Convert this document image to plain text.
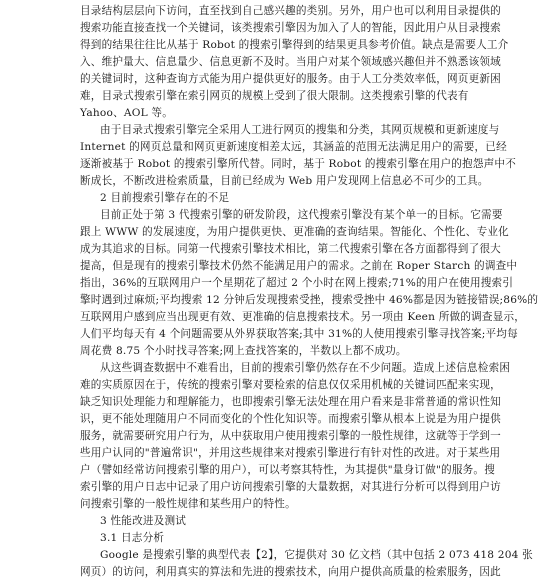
目录结构层层向下访问，直至找到自己感兴趣的类别。另外，用户也可以利用目录提供的
搜索功能直接查找一个关键词，该类搜索引擎因为加入了人的智能，因此用户从目录搜索
得到的结果往往比从基于 Robot 的搜索引擎得到的结果更具参考价值。缺点是需要人工介
入、维护量大、信息量少、信息更新不及时。当用户对某个领域感兴趣但并不熟悉该领域
的关键词时，这种查询方式能为用户提供更好的服务。由于人工分类效率低，网页更新困
难，目录式搜索引擎在索引网页的规模上受到了很大限制。这类搜索引擎的代表有
Yahoo、AOL 等。
由于目录式搜索引擎完全采用人工进行网页的搜集和分类，其网页规模和更新速度与
Internet 的网页总量和网页更新速度相差太远，其涵盖的范围无法满足用户的需要，已经
逐渐被基于 Robot 的搜索引擎所代替。同时，基于 Robot 的搜索引擎在用户的抱怨声中不
断成长，不断改进检索质量，目前已经成为 Web 用户发现网上信息必不可少的工具。
2 目前搜索引擎存在的不足
目前正处于第 3 代搜索引擎的研发阶段，这代搜索引擎没有某个单一的目标。它需要
跟上 WWW 的发展速度，为用户提供更快、更准确的查询结果。智能化、个性化、专业化
成为其追求的目标。同第一代搜索引擎技术相比，第二代搜索引擎在各方面都得到了很大
提高，但是现有的搜索引擎技术仍然不能满足用户的需求。之前在 Roper Starch 的调查中
指出，36%的互联网用户一个星期花了超过 2 个小时在网上搜索;71%的用户在使用搜索引
擎时遇到过麻烦;平均搜索 12 分钟后发现搜索受挫，搜索受挫中 46%都是因为链接错误;86%的
互联网用户感到应当出现更有效、更准确的信息搜索技术。另一项由 Keen 所做的调查显示，
人们平均每天有 4 个问题需要从外界获取答案;其中 31%的人使用搜索引擎寻找答案;平均每
周花费 8.75 个小时找寻答案;网上查找答案的，半数以上都不成功。
从这些调查数据中不难看出，目前的搜索引擎仍然存在不少问题。造成上述信息检索困
难的实质原因在于，传统的搜索引擎对要检索的信息仅仅采用机械的关键词匹配来实现，
缺乏知识处理能力和理解能力，也即搜索引擎无法处理在用户看来是非常普通的常识性知
识，更不能处理随用户不同而变化的个性化知识等。而搜索引擎从根本上说是为用户提供
服务，就需要研究用户行为，从中获取用户使用搜索引擎的一般性规律，这就等于学到一
些用户认同的"普遍常识"，并用这些规律来对搜索引擎进行有针对性的改进。对于某些用
户（譬如经常访问搜索引擎的用户），可以考察其特性，为其提供"量身订做"的服务。搜
索引擎的用户日志中记录了用户访问搜索引擎的大量数据，对其进行分析可以得到用户访
问搜索引擎的一般性规律和某些用户的特性。
3 性能改进及测试
3.1 日志分析
Google 是搜索引擎的典型代表【2】，它提供对 30 亿文档（其中包括 2 073 418 204 张
网页）的访问，利用真实的算法和先进的搜索技术，向用户提供高质量的检索服务，因此
